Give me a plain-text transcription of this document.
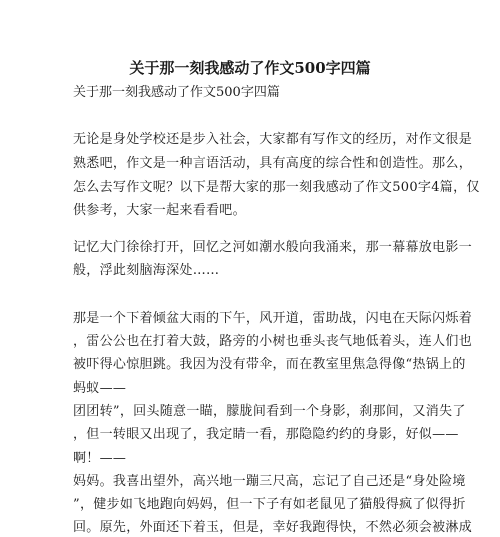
关于那一刻我感动了作文500字四篇
关于那一刻我感动了作文500字四篇
无论是身处学校还是步入社会，大家都有写作文的经历，对作文很是
熟悉吧，作文是一种言语活动，具有高度的综合性和创造性。那么，
怎么去写作文呢？以下是帮大家的那一刻我感动了作文500字4篇，仅
供参考，大家一起来看看吧。
记忆大门徐徐打开，回忆之河如潮水般向我涌来，那一幕幕放电影一
般，浮此刻脑海深处……
那是一个下着倾盆大雨的下午，风开道，雷助战，闪电在天际闪烁着
，雷公公也在打着大鼓，路旁的小树也垂头丧气地低着头，连人们也
被吓得心惊胆跳。我因为没有带伞，而在教室里焦急得像“热锅上的
蚂蚁——
团团转”，回头随意一瞄，朦胧间看到一个身影，刹那间，又消失了
，但一转眼又出现了，我定睛一看，那隐隐约约的身影，好似——
啊！——
妈妈。我喜出望外，高兴地一蹦三尺高，忘记了自己还是“身处险境
”，健步如飞地跑向妈妈，但一下子有如老鼠见了猫般得疯了似得折
回。原先，外面还下着玉，但是，幸好我跑得快，不然必须会被淋成
